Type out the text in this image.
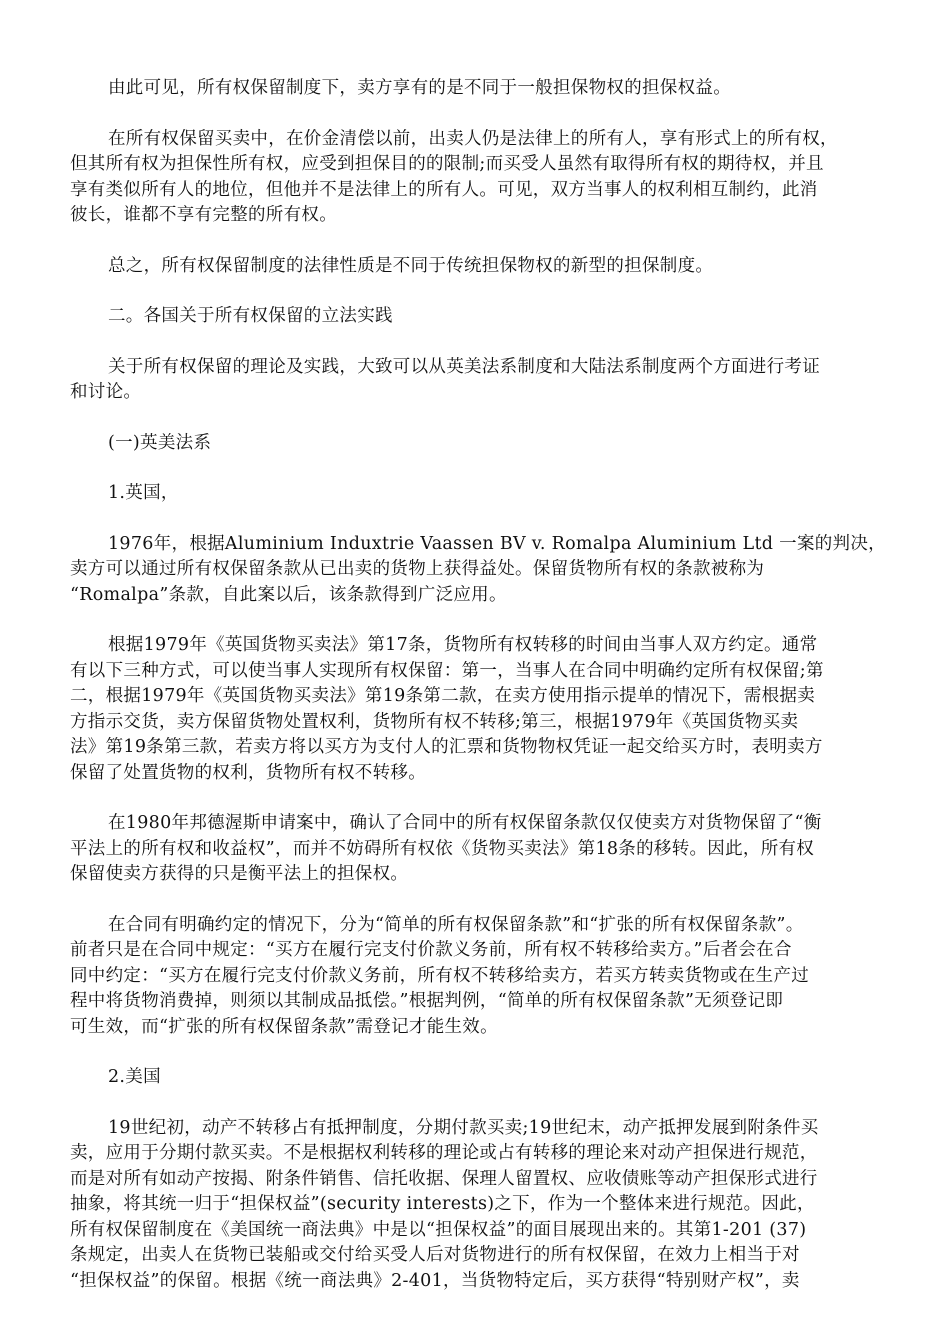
由此可见，所有权保留制度下，卖方享有的是不同于一般担保物权的担保权益。
在所有权保留买卖中，在价金清偿以前，出卖人仍是法律上的所有人，享有形式上的所有权，
但其所有权为担保性所有权，应受到担保目的的限制;而买受人虽然有取得所有权的期待权，并且
享有类似所有人的地位，但他并不是法律上的所有人。可见，双方当事人的权利相互制约，此消
彼长，谁都不享有完整的所有权。
总之，所有权保留制度的法律性质是不同于传统担保物权的新型的担保制度。
二。各国关于所有权保留的立法实践
关于所有权保留的理论及实践，大致可以从英美法系制度和大陆法系制度两个方面进行考证
和讨论。
(一)英美法系
1.英国，
1976年，根据Aluminium Induxtrie Vaassen BV v. Romalpa Aluminium Ltd 一案的判决，
卖方可以通过所有权保留条款从已出卖的货物上获得益处。保留货物所有权的条款被称为
“Romalpa”条款，自此案以后，该条款得到广泛应用。
根据1979年《英国货物买卖法》第17条，货物所有权转移的时间由当事人双方约定。通常
有以下三种方式，可以使当事人实现所有权保留：第一，当事人在合同中明确约定所有权保留;第
二，根据1979年《英国货物买卖法》第19条第二款，在卖方使用指示提单的情况下，需根据卖
方指示交货，卖方保留货物处置权利，货物所有权不转移;第三，根据1979年《英国货物买卖
法》第19条第三款，若卖方将以买方为支付人的汇票和货物物权凭证一起交给买方时，表明卖方
保留了处置货物的权利，货物所有权不转移。
在1980年邦德渥斯申请案中，确认了合同中的所有权保留条款仅仅使卖方对货物保留了“衡
平法上的所有权和收益权”，而并不妨碍所有权依《货物买卖法》第18条的移转。因此，所有权
保留使卖方获得的只是衡平法上的担保权。
在合同有明确约定的情况下，分为“简单的所有权保留条款”和“扩张的所有权保留条款”。
前者只是在合同中规定：“买方在履行完支付价款义务前，所有权不转移给卖方。”后者会在合
同中约定：“买方在履行完支付价款义务前，所有权不转移给卖方，若买方转卖货物或在生产过
程中将货物消费掉，则须以其制成品抵偿。”根据判例，“简单的所有权保留条款”无须登记即
可生效，而“扩张的所有权保留条款”需登记才能生效。
2.美国
19世纪初，动产不转移占有抵押制度，分期付款买卖;19世纪末，动产抵押发展到附条件买
卖，应用于分期付款买卖。不是根据权利转移的理论或占有转移的理论来对动产担保进行规范，
而是对所有如动产按揭、附条件销售、信托收据、保理人留置权、应收债账等动产担保形式进行
抽象，将其统一归于“担保权益”(security interests)之下，作为一个整体来进行规范。因此，
所有权保留制度在《美国统一商法典》中是以“担保权益”的面目展现出来的。其第1-201 (37)
条规定，出卖人在货物已装船或交付给买受人后对货物进行的所有权保留，在效力上相当于对
“担保权益”的保留。根据《统一商法典》2-401，当货物特定后，买方获得“特别财产权”，卖
